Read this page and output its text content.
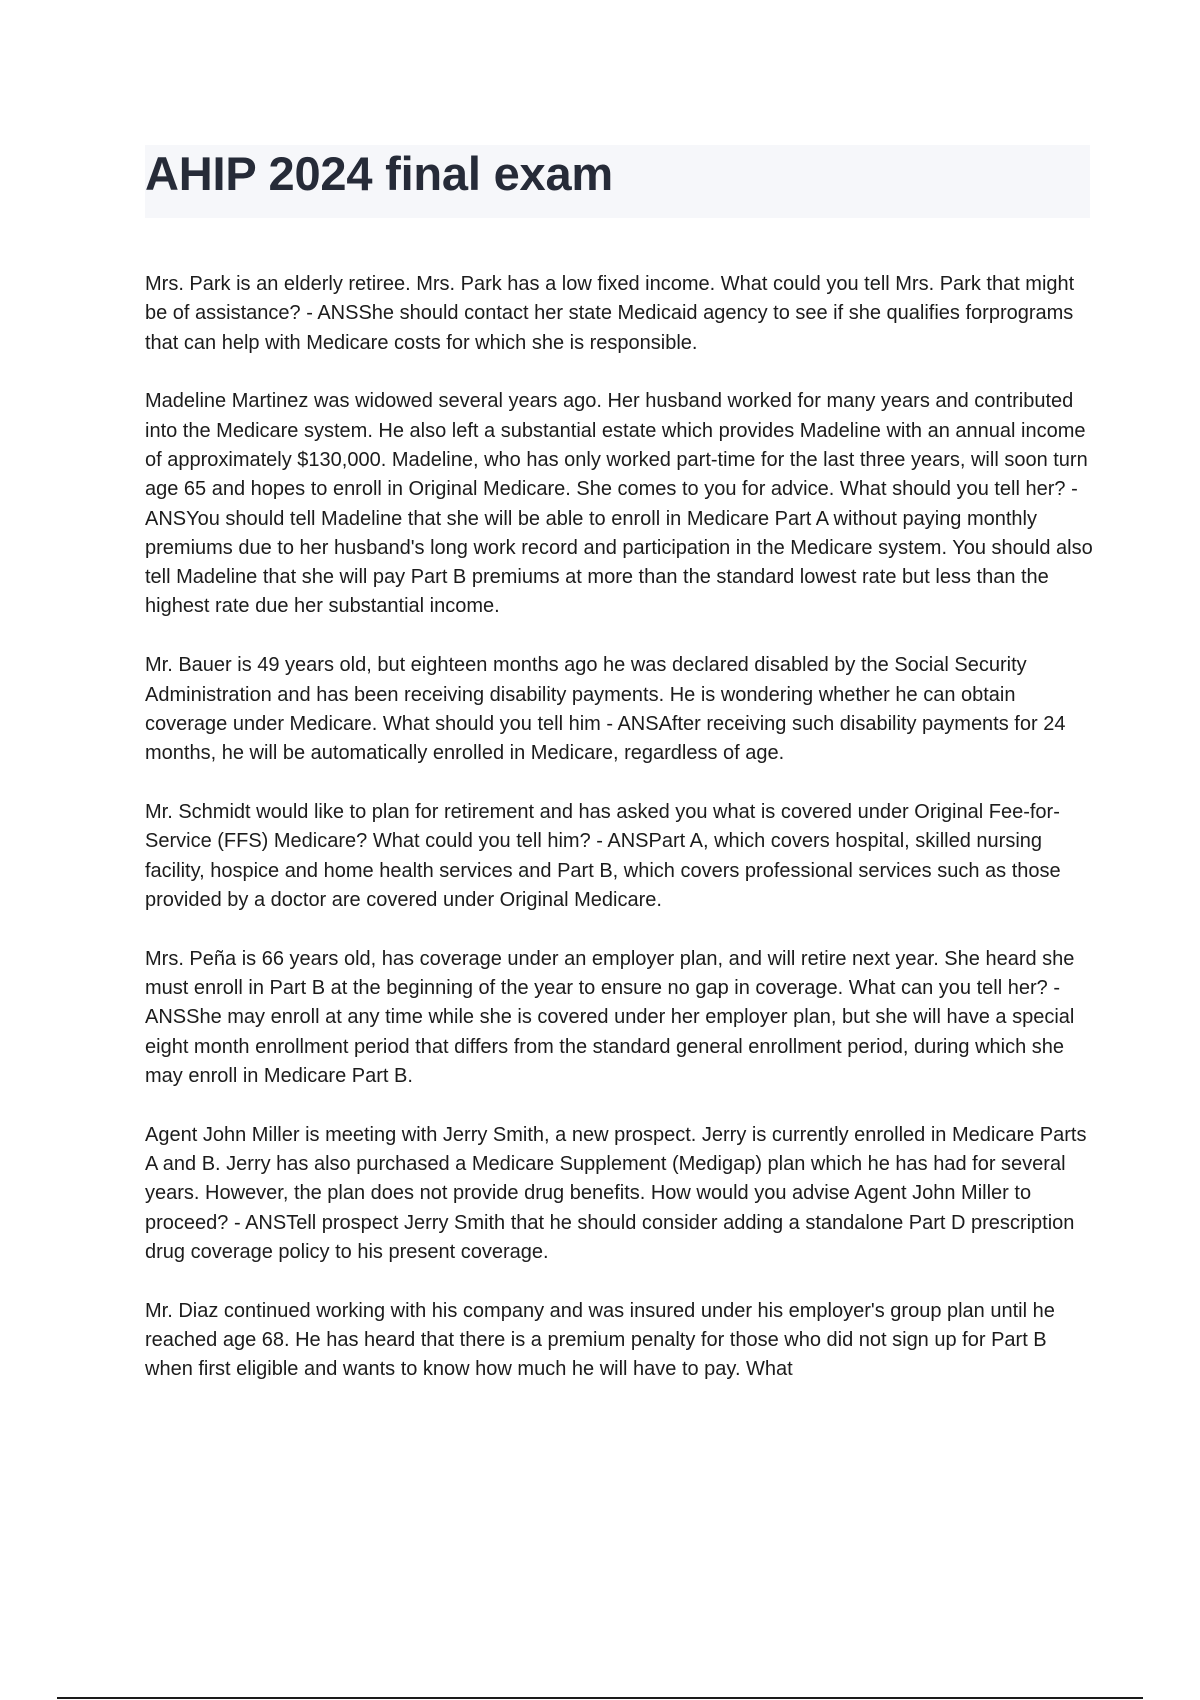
AHIP 2024 final exam

Mrs. Park is an elderly retiree. Mrs. Park has a low fixed income. What could you tell Mrs. Park that might be of assistance? - ANSShe should contact her state Medicaid agency to see if she qualifies forprograms that can help with Medicare costs for which she is responsible.

Madeline Martinez was widowed several years ago. Her husband worked for many years and contributed into the Medicare system. He also left a substantial estate which provides Madeline with an annual income of approximately $130,000. Madeline, who has only worked part-time for the last three years, will soon turn age 65 and hopes to enroll in Original Medicare. She comes to you for advice. What should you tell her? - ANSYou should tell Madeline that she will be able to enroll in Medicare Part A without paying monthly premiums due to her husband's long work record and participation in the Medicare system. You should also tell Madeline that she will pay Part B premiums at more than the standard lowest rate but less than the highest rate due her substantial income.

Mr. Bauer is 49 years old, but eighteen months ago he was declared disabled by the Social Security Administration and has been receiving disability payments. He is wondering whether he can obtain coverage under Medicare. What should you tell him - ANSAfter receiving such disability payments for 24 months, he will be automatically enrolled in Medicare, regardless of age.

Mr. Schmidt would like to plan for retirement and has asked you what is covered under Original Fee-for-Service (FFS) Medicare? What could you tell him? - ANSPart A, which covers hospital, skilled nursing facility, hospice and home health services and Part B, which covers professional services such as those provided by a doctor are covered under Original Medicare.

Mrs. Peña is 66 years old, has coverage under an employer plan, and will retire next year. She heard she must enroll in Part B at the beginning of the year to ensure no gap in coverage. What can you tell her? - ANSShe may enroll at any time while she is covered under her employer plan, but she will have a special eight month enrollment period that differs from the standard general enrollment period, during which she may enroll in Medicare Part B.

Agent John Miller is meeting with Jerry Smith, a new prospect. Jerry is currently enrolled in Medicare Parts A and B. Jerry has also purchased a Medicare Supplement (Medigap) plan which he has had for several years. However, the plan does not provide drug benefits. How would you advise Agent John Miller to proceed? - ANSTell prospect Jerry Smith that he should consider adding a standalone Part D prescription drug coverage policy to his present coverage.

Mr. Diaz continued working with his company and was insured under his employer's group plan until he reached age 68. He has heard that there is a premium penalty for those who did not sign up for Part B when first eligible and wants to know how much he will have to pay. What
